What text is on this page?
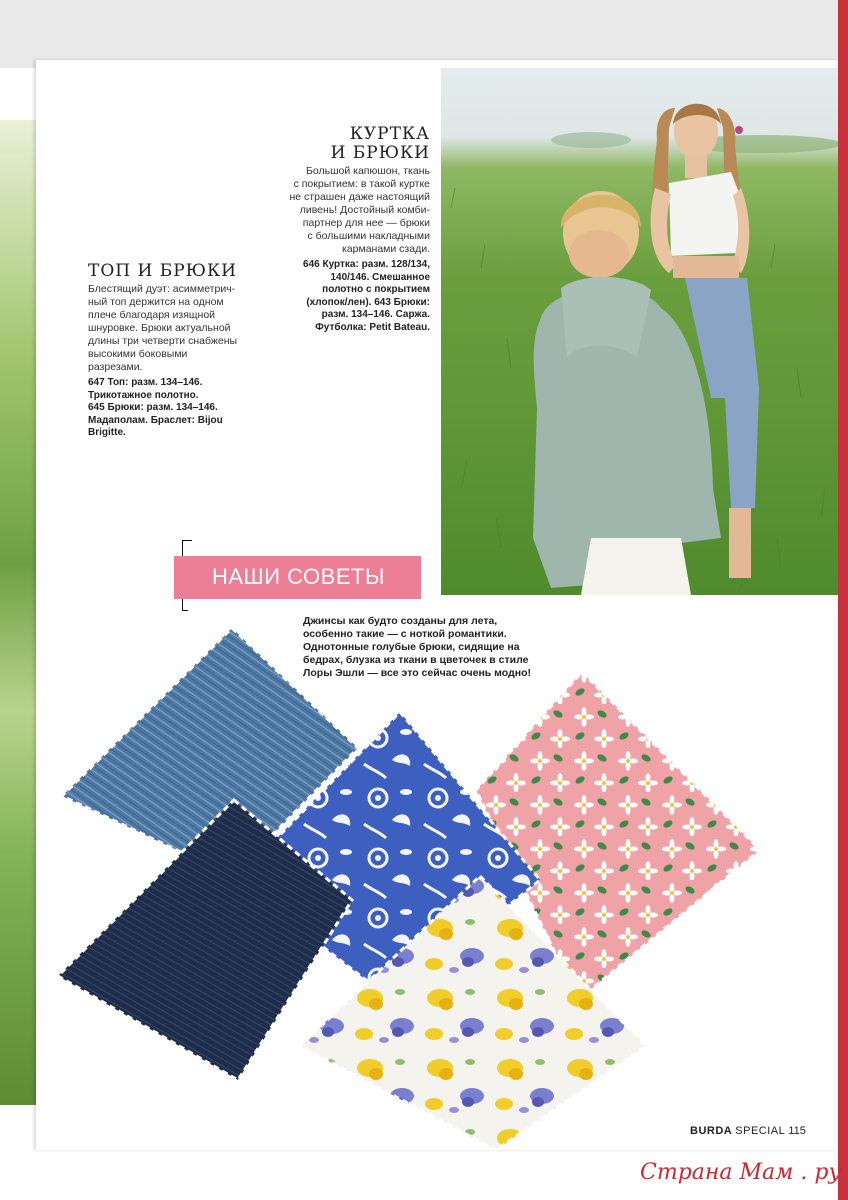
КУРТКА
И БРЮКИ
Большой капюшон, ткань
с покрытием: в такой куртке
не страшен даже настоящий
ливень! Достойный комби-
партнер для нее — брюки
с большими накладными
карманами сзади.
646 Куртка: разм. 128/134,
140/146. Смешанное
полотно с покрытием
(хлопок/лен). 643 Брюки:
разм. 134–146. Саржа.
Футболка: Petit Bateau.
ТОП И БРЮКИ
Блестящий дуэт: асимметрич-
ный топ держится на одном
плече благодаря изящной
шнуровке. Брюки актуальной
длины три четверти снабжены
высокими боковыми
разрезами.
647 Топ: разм. 134–146.
Трикотажное полотно.
645 Брюки: разм. 134–146.
Мадаполам. Браслет: Bijou
Brigitte.
НАШИ СОВЕТЫ
Джинсы как будто созданы для лета,
особенно такие — с ноткой романтики.
Однотонные голубые брюки, сидящие на
бедрах, блузка из ткани в цветочек в стиле
Лоры Эшли — все это сейчас очень модно!
BURDA SPECIAL 115
Страна Мам . ру
